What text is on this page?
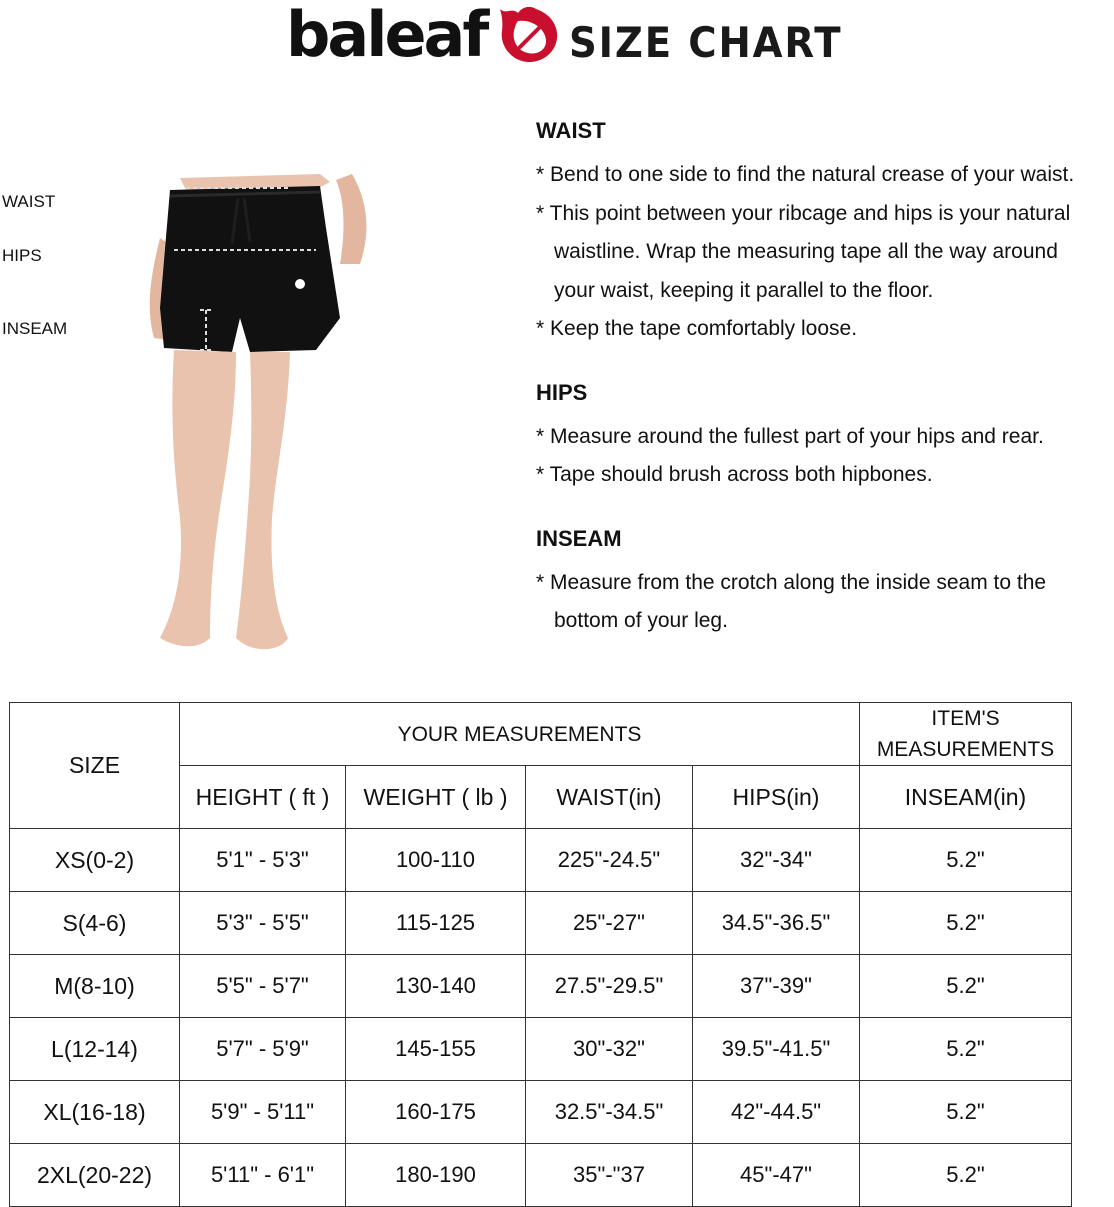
baleaf SIZE CHART
WAIST
HIPS
INSEAM
WAIST
* Bend to one side to find the natural crease of your waist.
* This point between your ribcage and hips is your natural
waistline. Wrap the measuring tape all the way around
your waist, keeping it parallel to the floor.
* Keep the tape comfortably loose.
HIPS
* Measure around the fullest part of your hips and rear.
* Tape should brush across both hipbones.
INSEAM
* Measure from the crotch along the inside seam to the
bottom of your leg.
SIZE	YOUR MEASUREMENTS				ITEM'S
MEASUREMENTS

	HEIGHT ( ft )	WEIGHT ( lb )	WAIST(in)	HIPS(in)	INSEAM(in)
XS(0-2)	5'1" - 5'3"	100-110	225"-24.5"	32"-34"	5.2"
S(4-6)	5'3" - 5'5"	115-125	25"-27"	34.5"-36.5"	5.2"
M(8-10)	5'5" - 5'7"	130-140	27.5"-29.5"	37"-39"	5.2"
L(12-14)	5'7" - 5'9"	145-155	30"-32"	39.5"-41.5"	5.2"
XL(16-18)	5'9" - 5'11"	160-175	32.5"-34.5"	42"-44.5"	5.2"
2XL(20-22)	5'11" - 6'1"	180-190	35"-"37	45"-47"	5.2"
